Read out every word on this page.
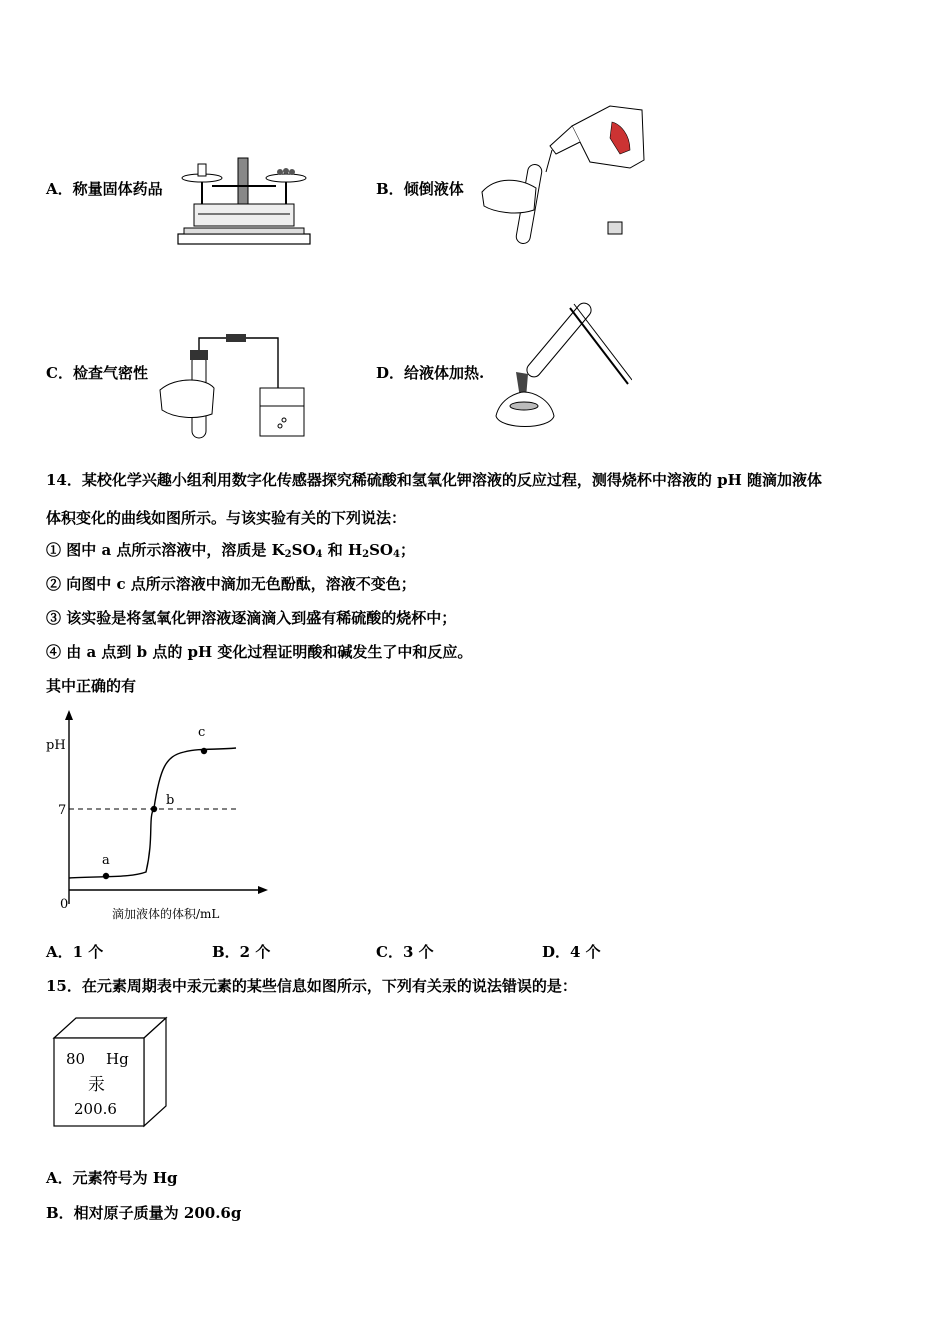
A．称量固体药品	B．倾倒液体
C．检查气密性	D．给液体加热.
14．某校化学兴趣小组利用数字化传感器探究稀硫酸和氢氧化钾溶液的反应过程，测得烧杯中溶液的 pH 随滴加液体
体积变化的曲线如图所示。与该实验有关的下列说法：
① 图中 a 点所示溶液中，溶质是 $K_2SO_4$ 和 $H_2SO_4$；
② 向图中 c 点所示溶液中滴加无色酚酞，溶液不变色；
③ 该实验是将氢氧化钾溶液逐滴滴入到盛有稀硫酸的烧杯中；
④ 由 a 点到 b 点的 pH 变化过程证明酸和碱发生了中和反应。
其中正确的有
pH
7
0
a
b
c
滴加液体的体积/mL
A．1 个	B．2 个	C．3 个	D．4 个
15．在元素周期表中汞元素的某些信息如图所示，下列有关汞的说法错误的是：
80 Hg
汞
200.6
A．元素符号为 Hg
B．相对原子质量为 200.6g
